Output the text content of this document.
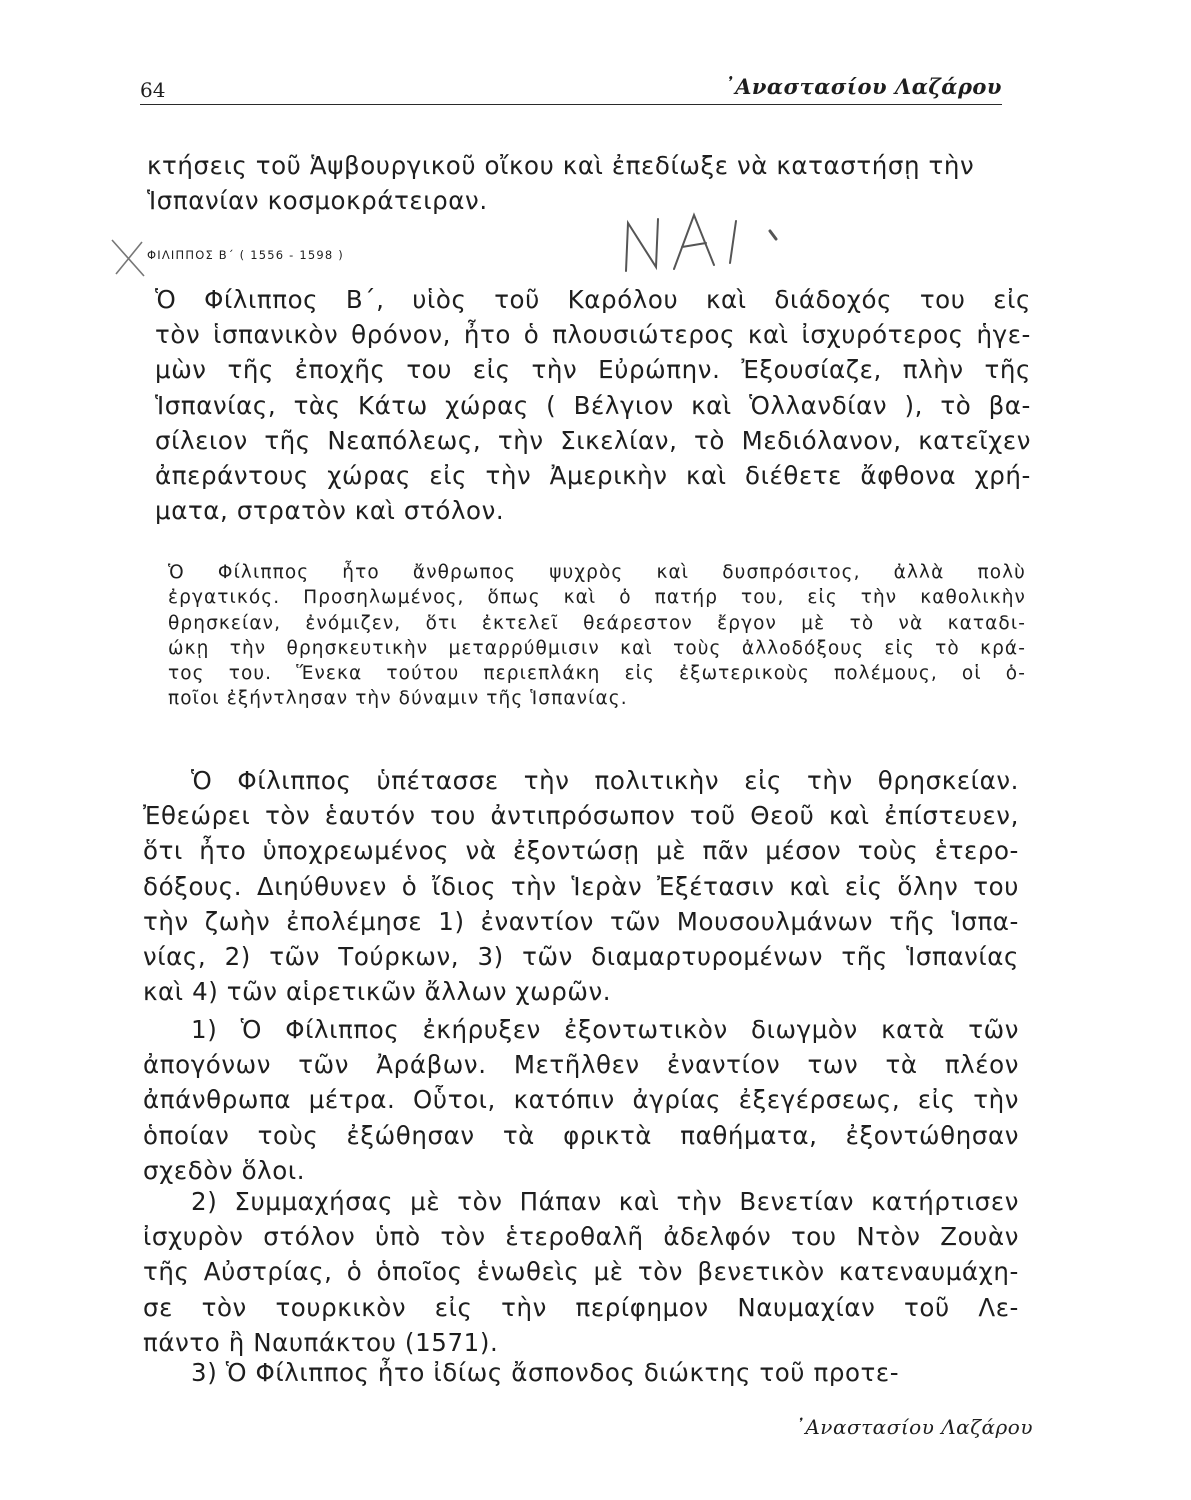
64	᾽Αναστασίου Λαζάρου
κτήσεις τοῦ Ἁψβουργικοῦ οἴκου καὶ ἐπεδίωξε νὰ καταστήσῃ τὴν
Ἱσπανίαν κοσμοκράτειραν.
ΦΙΛΙΠΠΟΣ Β΄ ( 1556 - 1598 )
Ὁ Φίλιππος Β΄, υἱὸς τοῦ Καρόλου καὶ διάδοχός του εἰς
τὸν ἱσπανικὸν θρόνον, ἦτο ὁ πλουσιώτερος καὶ ἰσχυρότερος ἡγε-
μὼν τῆς ἐποχῆς του εἰς τὴν Εὐρώπην. Ἐξουσίαζε, πλὴν τῆς
Ἱσπανίας, τὰς Κάτω χώρας ( Βέλγιον καὶ Ὁλλανδίαν ), τὸ βα-
σίλειον τῆς Νεαπόλεως, τὴν Σικελίαν, τὸ Μεδιόλανον, κατεῖχεν
ἀπεράντους χώρας εἰς τὴν Ἀμερικὴν καὶ διέθετε ἄφθονα χρή-
ματα, στρατὸν καὶ στόλον.
Ὁ Φίλιππος ἦτο ἄνθρωπος ψυχρὸς καὶ δυσπρόσιτος, ἀλλὰ πολὺ
ἐργατικός. Προσηλωμένος, ὅπως καὶ ὁ πατήρ του, εἰς τὴν καθολικὴν
θρησκείαν, ἐνόμιζεν, ὅτι ἐκτελεῖ θεάρεστον ἔργον μὲ τὸ νὰ καταδι-
ώκῃ τὴν θρησκευτικὴν μεταρρύθμισιν καὶ τοὺς ἀλλοδόξους εἰς τὸ κρά-
τος του. Ἕνεκα τούτου περιεπλάκη εἰς ἐξωτερικοὺς πολέμους, οἱ ὁ-
ποῖοι ἐξήντλησαν τὴν δύναμιν τῆς Ἱσπανίας.
Ὁ Φίλιππος ὑπέτασσε τὴν πολιτικὴν εἰς τὴν θρησκείαν.
Ἐθεώρει τὸν ἑαυτόν του ἀντιπρόσωπον τοῦ Θεοῦ καὶ ἐπίστευεν,
ὅτι ἦτο ὑποχρεωμένος νὰ ἐξοντώσῃ μὲ πᾶν μέσον τοὺς ἑτερο-
δόξους. Διηύθυνεν ὁ ἴδιος τὴν Ἱερὰν Ἐξέτασιν καὶ εἰς ὅλην του
τὴν ζωὴν ἐπολέμησε 1) ἐναντίον τῶν Μουσουλμάνων τῆς Ἱσπα-
νίας, 2) τῶν Τούρκων, 3) τῶν διαμαρτυρομένων τῆς Ἱσπανίας
καὶ 4) τῶν αἱρετικῶν ἄλλων χωρῶν.
1) Ὁ Φίλιππος ἐκήρυξεν ἐξοντωτικὸν διωγμὸν κατὰ τῶν
ἀπογόνων τῶν Ἀράβων. Μετῆλθεν ἐναντίον των τὰ πλέον
ἀπάνθρωπα μέτρα. Οὗτοι, κατόπιν ἀγρίας ἐξεγέρσεως, εἰς τὴν
ὁποίαν τοὺς ἐξώθησαν τὰ φρικτὰ παθήματα, ἐξοντώθησαν
σχεδὸν ὅλοι.
2) Συμμαχήσας μὲ τὸν Πάπαν καὶ τὴν Βενετίαν κατήρτισεν
ἰσχυρὸν στόλον ὑπὸ τὸν ἑτεροθαλῆ ἀδελφόν του Ντὸν Ζουὰν
τῆς Αὐστρίας, ὁ ὁποῖος ἑνωθεὶς μὲ τὸν βενετικὸν κατεναυμάχη-
σε τὸν τουρκικὸν εἰς τὴν περίφημον Ναυμαχίαν τοῦ Λε-
πάντο ἢ Ναυπάκτου (1571).
3) Ὁ Φίλιππος ἦτο ἰδίως ἄσπονδος διώκτης τοῦ προτε-
᾽Αναστασίου Λαζάρου
